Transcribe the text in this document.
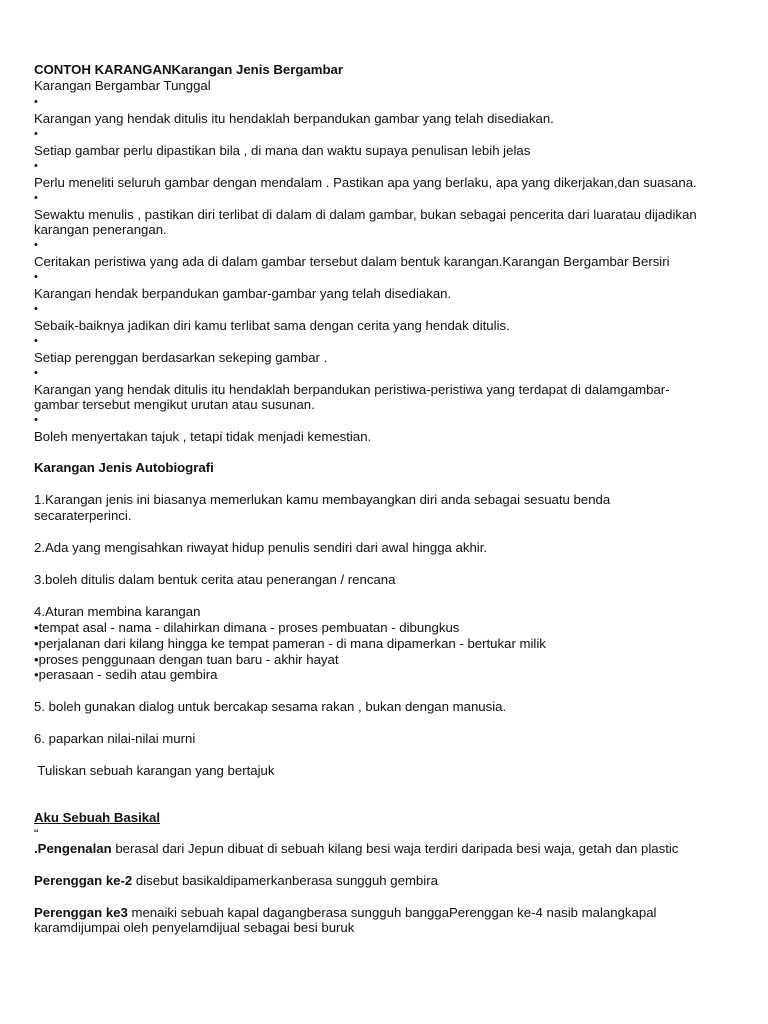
CONTOH KARANGANKarangan Jenis Bergambar
Karangan Bergambar Tunggal
•
Karangan yang hendak ditulis itu hendaklah berpandukan gambar yang telah disediakan.
•
Setiap gambar perlu dipastikan bila , di mana dan waktu supaya penulisan lebih jelas
•
Perlu meneliti seluruh gambar dengan mendalam . Pastikan apa yang berlaku, apa yang dikerjakan,dan suasana.
•
Sewaktu menulis , pastikan diri terlibat di dalam di dalam gambar, bukan sebagai pencerita dari luaratau dijadikan
karangan penerangan.
•
Ceritakan peristiwa yang ada di dalam gambar tersebut dalam bentuk karangan.Karangan Bergambar Bersiri
•
Karangan hendak berpandukan gambar-gambar yang telah disediakan.
•
Sebaik-baiknya jadikan diri kamu terlibat sama dengan cerita yang hendak ditulis.
•
Setiap perenggan berdasarkan sekeping gambar .
•
Karangan yang hendak ditulis itu hendaklah berpandukan peristiwa-peristiwa yang terdapat di dalamgambar-
gambar tersebut mengikut urutan atau susunan.
•
Boleh menyertakan tajuk , tetapi tidak menjadi kemestian.
Karangan Jenis Autobiografi
1.Karangan jenis ini biasanya memerlukan kamu membayangkan diri anda sebagai sesuatu benda
secaraterperinci.
2.Ada yang mengisahkan riwayat hidup penulis sendiri dari awal hingga akhir.
3.boleh ditulis dalam bentuk cerita atau penerangan / rencana
4.Aturan membina karangan
•tempat asal - nama - dilahirkan dimana - proses pembuatan - dibungkus
•perjalanan dari kilang hingga ke tempat pameran - di mana dipamerkan - bertukar milik
•proses penggunaan dengan tuan baru - akhir hayat
•perasaan - sedih atau gembira
5. boleh gunakan dialog untuk bercakap sesama rakan , bukan dengan manusia.
6. paparkan nilai-nilai murni
Tuliskan sebuah karangan yang bertajuk
Aku Sebuah Basikal
“
.Pengenalan berasal dari Jepun dibuat di sebuah kilang besi waja terdiri daripada besi waja, getah dan plastic
Perenggan ke-2 disebut basikaldipamerkanberasa sungguh gembira
Perenggan ke3 menaiki sebuah kapal dagangberasa sungguh banggaPerenggan ke-4 nasib malangkapal
karamdijumpai oleh penyelamdijual sebagai besi buruk
